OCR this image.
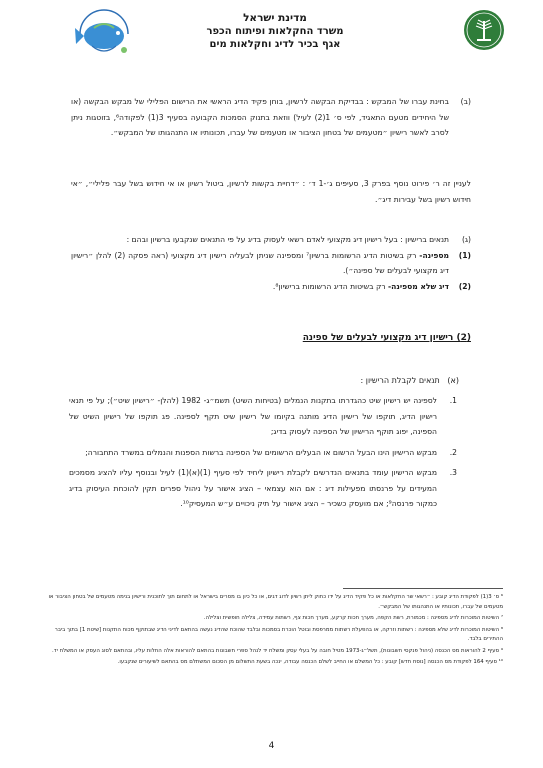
מדינת ישראל
משרד החקלאות ופיתוח הכפר
אגף בכיר לדיג וחקלאות מים
(ב)
בחינת עברו של המבקש : בבדיקת הבקשה לרשיון, בוחן פקיד הדיג הראשי את הרישום הפלילי של מבקש הבקשה (או של היחידים מטעם התאגיד, לפי ס׳ 1(2) לעיל) ווזאת בתנוק הסמכות הקבועה בסעיף 3(1) לפקודה⁶, בזוטגות ניתן לסרב לאשר רישיון ״מטעמים של בטחון הציבור או מטעמים של עברו, תכונותיו או התנהגותו של המבקש״.
לעניין זה ר׳ פירוט נוסף בפרק 3, סעיפים ג׳-1 ד׳ : ״דחיית בקשות לרשיון, ביטול רשיון או אי חידוש בשל עבר פלילי״, ״אי חידוש רשיון בשל עבירות דיג״.
(ג)
תנאים ברישיון : בעל רישיון דיג מקצועי לאדם רשאי לעסוק בדיג על פי התנאים שנקבעו ברשיון ובהם :
(1)
מספינה- רק בשיטות הדיג הרשומות ברשיון⁷ ומספינה שניתן לבעליה רישיון דיג מקצועי (ראה פסקה (2) להלן ״רישיון דיג מקצועי לבעלים של ספינה״).
(2)
דיג שלא מספינה- רק בשיטות הדיג הרשומות ברישיון⁸.
(2) רישיון דיג מקצועי לבעלים של ספינה
(א)   תנאים לקבלת הרישיון :
1.
לספינה יש רישיון שיט כהגדרתו בתקנות הנמלים (בטיחות השיט) תשמ״ג- 1982 (להלן- ״רישיון שיט״); על פי תנאי רישיון הדיג, תוקפו של רישיון הדיג מותנה בקיומו של רישיון שיט תקף לספינה. פג תוקפו של רישיון השיט של הספינה, יפוג תוקף הרישיון של הספינה לעסוק בדיג;
2.
מבקש הרישיון הינו הבעל הרשום או הבעלים הרשומים של הספינה ברשות הספנות והנמלים במשרד התחבורה;
3.
מבקש הרישיון עומד בתנאים הנדרשים לקבלת רישיון ליחיד לפי סעיף (1)(א)(1) לעיל ובנוסף עליו להציג מסמכים המעידים על פרנסתו מפעילות דיג : אם הוא עצמאי – הציג אישור על ניהול ספרים תקין להוכחת העיסוק בדיג כמקור פרנסה⁹; אם מועסק כשכיר – הציג אישור על תיק ניכויים ע״ש המעסיק¹⁰.
⁶ ס׳ 3(1) לפקודת הדיג קובע : ״רשאי שר החקלאות או כל פקיד הדיג על ידו כחוק ליתן רשיון לדוג דגים, או כל כיון בו מסרים בישראל או לתחום תוך לתוכנית ורישיון בנימה מטעמים של בטחון הציבור או מטעמים של עברו, תכונותיו או התנהגותו של המבקש״.
⁷ השיטות המוכרות לדיג מספינה : מכמורת, רשת הקפה, מערך חכות קרקע, מערך חכות צף, רשתות עמידה, צלילה חופשית וצלילה.
⁸ השיטות המוכרות לדיג שלא מספינה : רשתות וזרקה, או בהפעלת רשתות ממרפסת ובוטל הוכרת בסמכות ובלבד שהוכח שהדיג נעשה בהתאם לדיני הדיג שבתוקף מכוח התקנות [שיטת 1] בתוך ביבר ההתירים בלבד.
⁹ סעיף 2 להוראות מס הכנסה (ניהול פנקסי חשבונות), תשל״ג-1973 מטיל חובה על בעלי עסק ומשלח יד לנהל ספרי חשבונות בהתאם להוראות אלה החלות עליו, ובהתאם לסוג העסק או המשלח יד.
¹⁰ סעיף 164 לפקודת מס הכנסה [נוסח חדש] קובע : כל המשלם או החייב לשלם הכנסה עבודה, ינכה בשעת התשלום מן הסכום המשתלם מס בהתאם לשיעורים שנקבעו.
4
